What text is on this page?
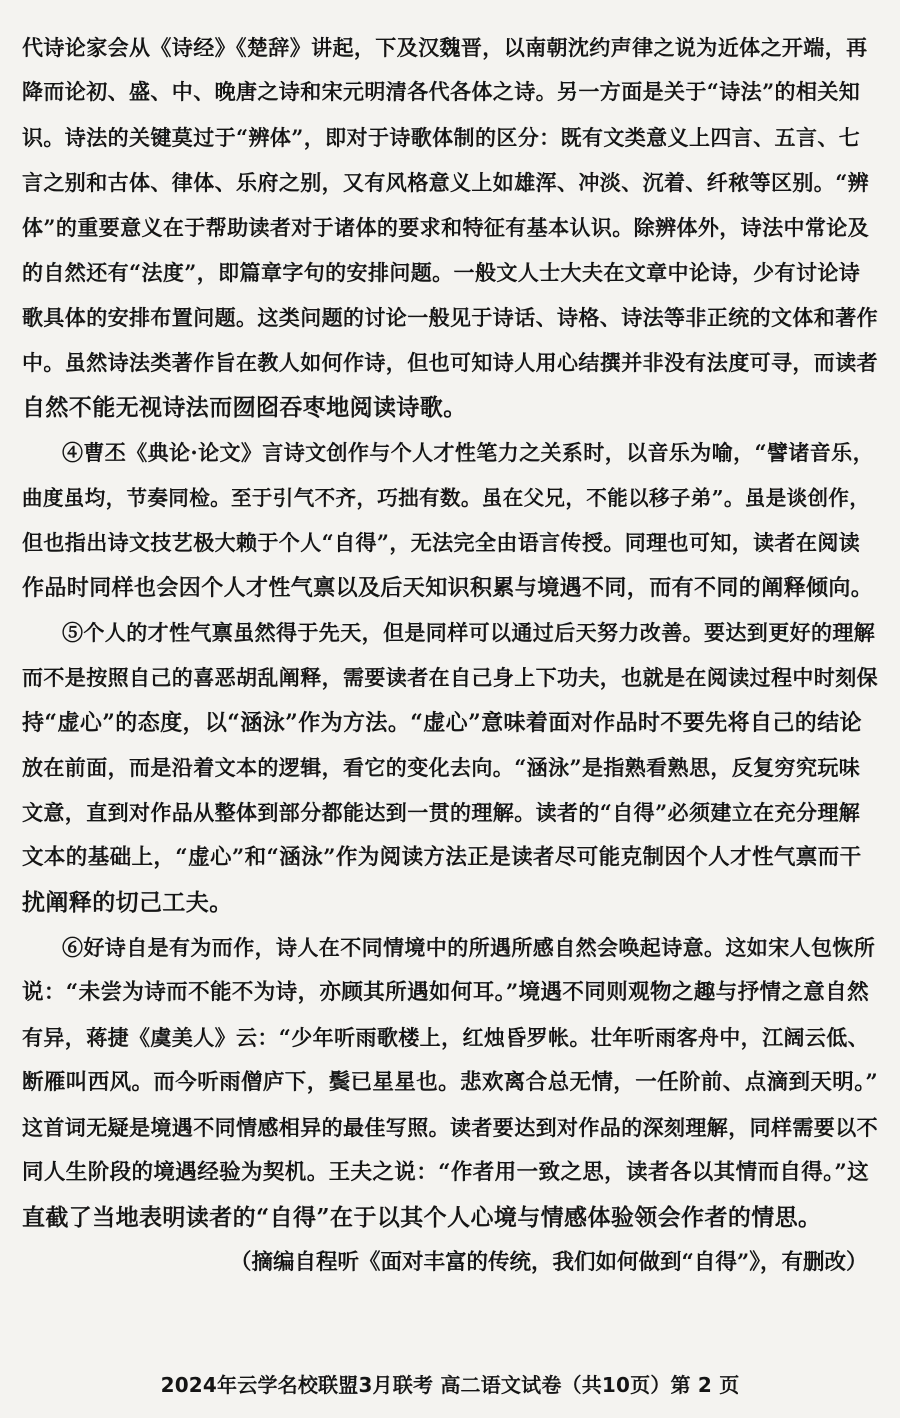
代诗论家会从《诗经》《楚辞》讲起，下及汉魏晋，以南朝沈约声律之说为近体之开端，再
降而论初、盛、中、晚唐之诗和宋元明清各代各体之诗。另一方面是关于“诗法”的相关知
识。诗法的关键莫过于“辨体”，即对于诗歌体制的区分：既有文类意义上四言、五言、七
言之别和古体、律体、乐府之别，又有风格意义上如雄浑、冲淡、沉着、纤秾等区别。“辨
体”的重要意义在于帮助读者对于诸体的要求和特征有基本认识。除辨体外，诗法中常论及
的自然还有“法度”，即篇章字句的安排问题。一般文人士大夫在文章中论诗，少有讨论诗
歌具体的安排布置问题。这类问题的讨论一般见于诗话、诗格、诗法等非正统的文体和著作
中。虽然诗法类著作旨在教人如何作诗，但也可知诗人用心结撰并非没有法度可寻，而读者
自然不能无视诗法而囫囵吞枣地阅读诗歌。
④曹丕《典论·论文》言诗文创作与个人才性笔力之关系时，以音乐为喻，“譬诸音乐，
曲度虽均，节奏同检。至于引气不齐，巧拙有数。虽在父兄，不能以移子弟”。虽是谈创作，
但也指出诗文技艺极大赖于个人“自得”，无法完全由语言传授。同理也可知，读者在阅读
作品时同样也会因个人才性气禀以及后天知识积累与境遇不同，而有不同的阐释倾向。
⑤个人的才性气禀虽然得于先天，但是同样可以通过后天努力改善。要达到更好的理解
而不是按照自己的喜恶胡乱阐释，需要读者在自己身上下功夫，也就是在阅读过程中时刻保
持“虚心”的态度，以“涵泳”作为方法。“虚心”意味着面对作品时不要先将自己的结论
放在前面，而是沿着文本的逻辑，看它的变化去向。“涵泳”是指熟看熟思，反复穷究玩味
文意，直到对作品从整体到部分都能达到一贯的理解。读者的“自得”必须建立在充分理解
文本的基础上，“虚心”和“涵泳”作为阅读方法正是读者尽可能克制因个人才性气禀而干
扰阐释的切己工夫。
⑥好诗自是有为而作，诗人在不同情境中的所遇所感自然会唤起诗意。这如宋人包恢所
说：“未尝为诗而不能不为诗，亦顾其所遇如何耳。”境遇不同则观物之趣与抒情之意自然
有异，蒋捷《虞美人》云：“少年听雨歌楼上，红烛昏罗帐。壮年听雨客舟中，江阔云低、
断雁叫西风。而今听雨僧庐下，鬓已星星也。悲欢离合总无情，一任阶前、点滴到天明。”
这首词无疑是境遇不同情感相异的最佳写照。读者要达到对作品的深刻理解，同样需要以不
同人生阶段的境遇经验为契机。王夫之说：“作者用一致之思，读者各以其情而自得。”这
直截了当地表明读者的“自得”在于以其个人心境与情感体验领会作者的情思。
（摘编自程听《面对丰富的传统，我们如何做到“自得”》，有删改）
2024年云学名校联盟3月联考 高二语文试卷（共10页）第 2 页
